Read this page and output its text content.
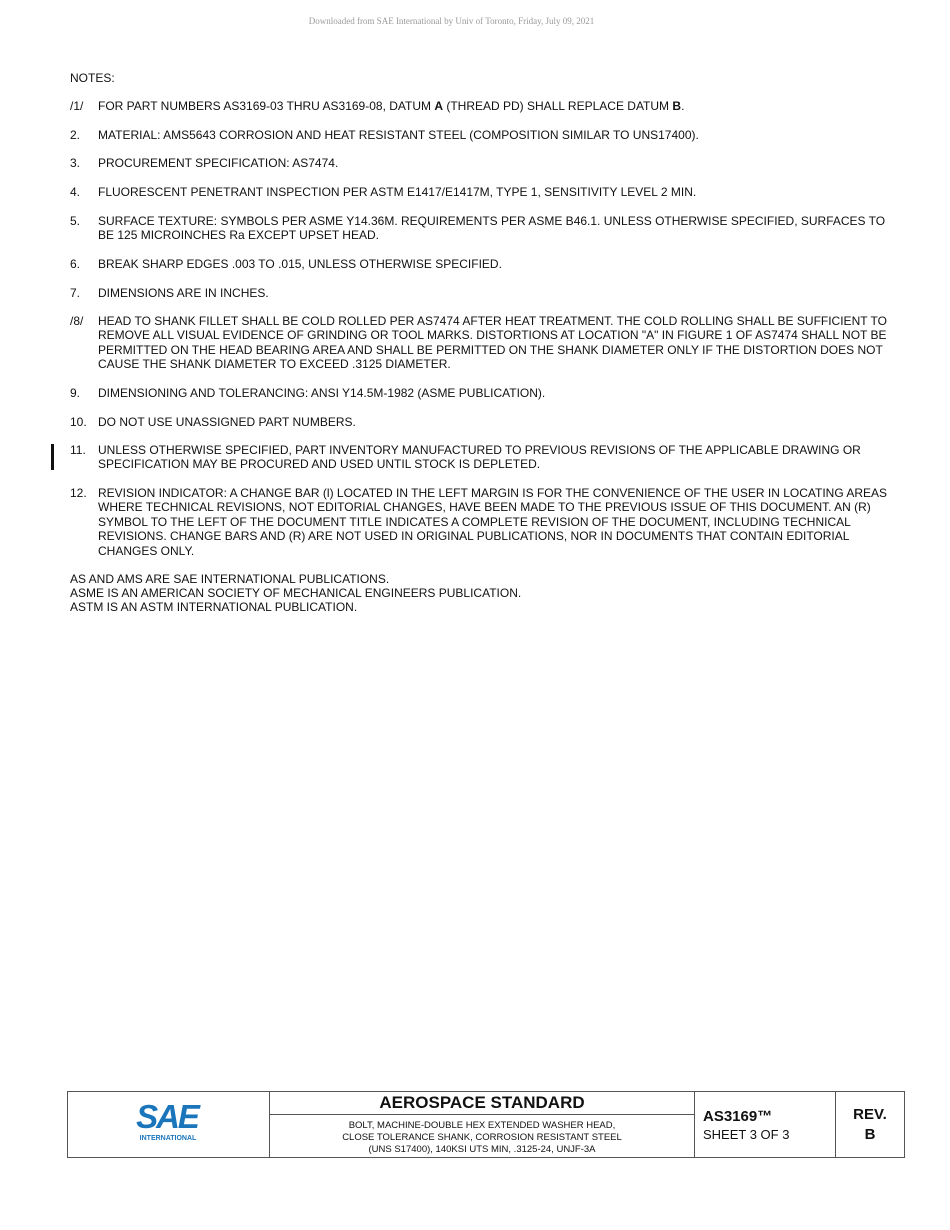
Downloaded from SAE International by Univ of Toronto, Friday, July 09, 2021
NOTES:
/1/ FOR PART NUMBERS AS3169-03 THRU AS3169-08, DATUM A (THREAD PD) SHALL REPLACE DATUM B.
2. MATERIAL: AMS5643 CORROSION AND HEAT RESISTANT STEEL (COMPOSITION SIMILAR TO UNS17400).
3. PROCUREMENT SPECIFICATION: AS7474.
4. FLUORESCENT PENETRANT INSPECTION PER ASTM E1417/E1417M, TYPE 1, SENSITIVITY LEVEL 2 MIN.
5. SURFACE TEXTURE: SYMBOLS PER ASME Y14.36M. REQUIREMENTS PER ASME B46.1. UNLESS OTHERWISE SPECIFIED, SURFACES TO BE 125 MICROINCHES Ra EXCEPT UPSET HEAD.
6. BREAK SHARP EDGES .003 TO .015, UNLESS OTHERWISE SPECIFIED.
7. DIMENSIONS ARE IN INCHES.
/8/ HEAD TO SHANK FILLET SHALL BE COLD ROLLED PER AS7474 AFTER HEAT TREATMENT. THE COLD ROLLING SHALL BE SUFFICIENT TO REMOVE ALL VISUAL EVIDENCE OF GRINDING OR TOOL MARKS. DISTORTIONS AT LOCATION "A" IN FIGURE 1 OF AS7474 SHALL NOT BE PERMITTED ON THE HEAD BEARING AREA AND SHALL BE PERMITTED ON THE SHANK DIAMETER ONLY IF THE DISTORTION DOES NOT CAUSE THE SHANK DIAMETER TO EXCEED .3125 DIAMETER.
9. DIMENSIONING AND TOLERANCING: ANSI Y14.5M-1982 (ASME PUBLICATION).
10. DO NOT USE UNASSIGNED PART NUMBERS.
11. UNLESS OTHERWISE SPECIFIED, PART INVENTORY MANUFACTURED TO PREVIOUS REVISIONS OF THE APPLICABLE DRAWING OR SPECIFICATION MAY BE PROCURED AND USED UNTIL STOCK IS DEPLETED.
12. REVISION INDICATOR: A CHANGE BAR (l) LOCATED IN THE LEFT MARGIN IS FOR THE CONVENIENCE OF THE USER IN LOCATING AREAS WHERE TECHNICAL REVISIONS, NOT EDITORIAL CHANGES, HAVE BEEN MADE TO THE PREVIOUS ISSUE OF THIS DOCUMENT. AN (R) SYMBOL TO THE LEFT OF THE DOCUMENT TITLE INDICATES A COMPLETE REVISION OF THE DOCUMENT, INCLUDING TECHNICAL REVISIONS. CHANGE BARS AND (R) ARE NOT USED IN ORIGINAL PUBLICATIONS, NOR IN DOCUMENTS THAT CONTAIN EDITORIAL CHANGES ONLY.
AS AND AMS ARE SAE INTERNATIONAL PUBLICATIONS.
ASME IS AN AMERICAN SOCIETY OF MECHANICAL ENGINEERS PUBLICATION.
ASTM IS AN ASTM INTERNATIONAL PUBLICATION.
SAE
INTERNATIONAL
AEROSPACE STANDARD
BOLT, MACHINE-DOUBLE HEX EXTENDED WASHER HEAD,
CLOSE TOLERANCE SHANK, CORROSION RESISTANT STEEL
(UNS S17400), 140KSI UTS MIN, .3125-24, UNJF-3A
AS3169™
SHEET 3 OF 3
REV.
B
